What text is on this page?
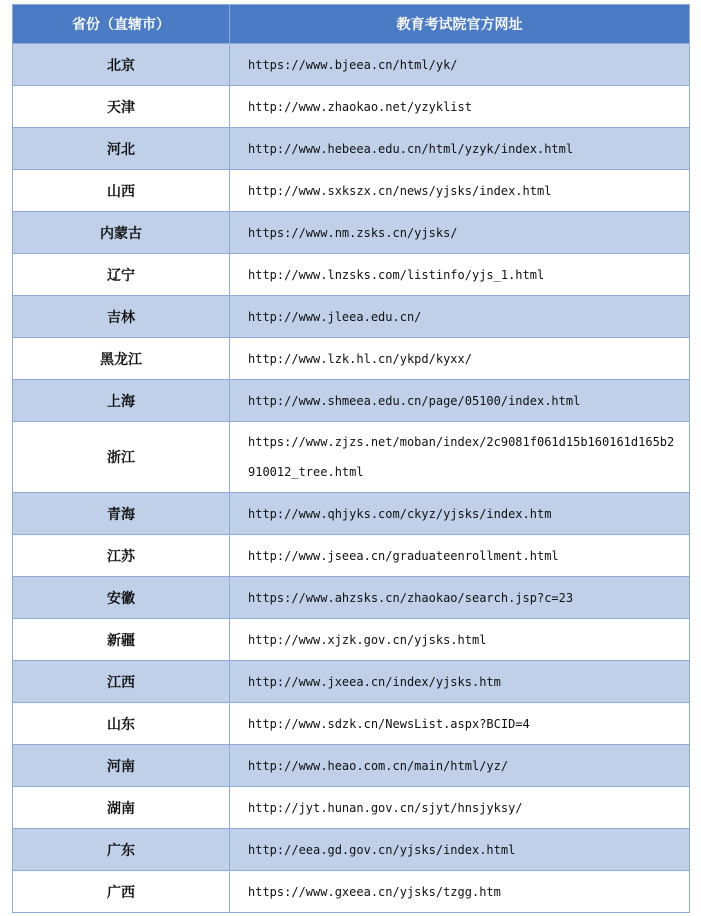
省份（直辖市）	教育考试院官方网址
北京	https://www.bjeea.cn/html/yk/
天津	http://www.zhaokao.net/yzyklist
河北	http://www.hebeea.edu.cn/html/yzyk/index.html
山西	http://www.sxkszx.cn/news/yjsks/index.html
内蒙古	https://www.nm.zsks.cn/yjsks/
辽宁	http://www.lnzsks.com/listinfo/yjs_1.html
吉林	http://www.jleea.edu.cn/
黑龙江	http://www.lzk.hl.cn/ykpd/kyxx/
上海	http://www.shmeea.edu.cn/page/05100/index.html
浙江	https://www.zjzs.net/moban/index/2c9081f061d15b160161d165b2910012_tree.html
青海	http://www.qhjyks.com/ckyz/yjsks/index.htm
江苏	http://www.jseea.cn/graduateenrollment.html
安徽	https://www.ahzsks.cn/zhaokao/search.jsp?c=23
新疆	http://www.xjzk.gov.cn/yjsks.html
江西	http://www.jxeea.cn/index/yjsks.htm
山东	http://www.sdzk.cn/NewsList.aspx?BCID=4
河南	http://www.heao.com.cn/main/html/yz/
湖南	http://jyt.hunan.gov.cn/sjyt/hnsjyksy/
广东	http://eea.gd.gov.cn/yjsks/index.html
广西	https://www.gxeea.cn/yjsks/tzgg.htm
